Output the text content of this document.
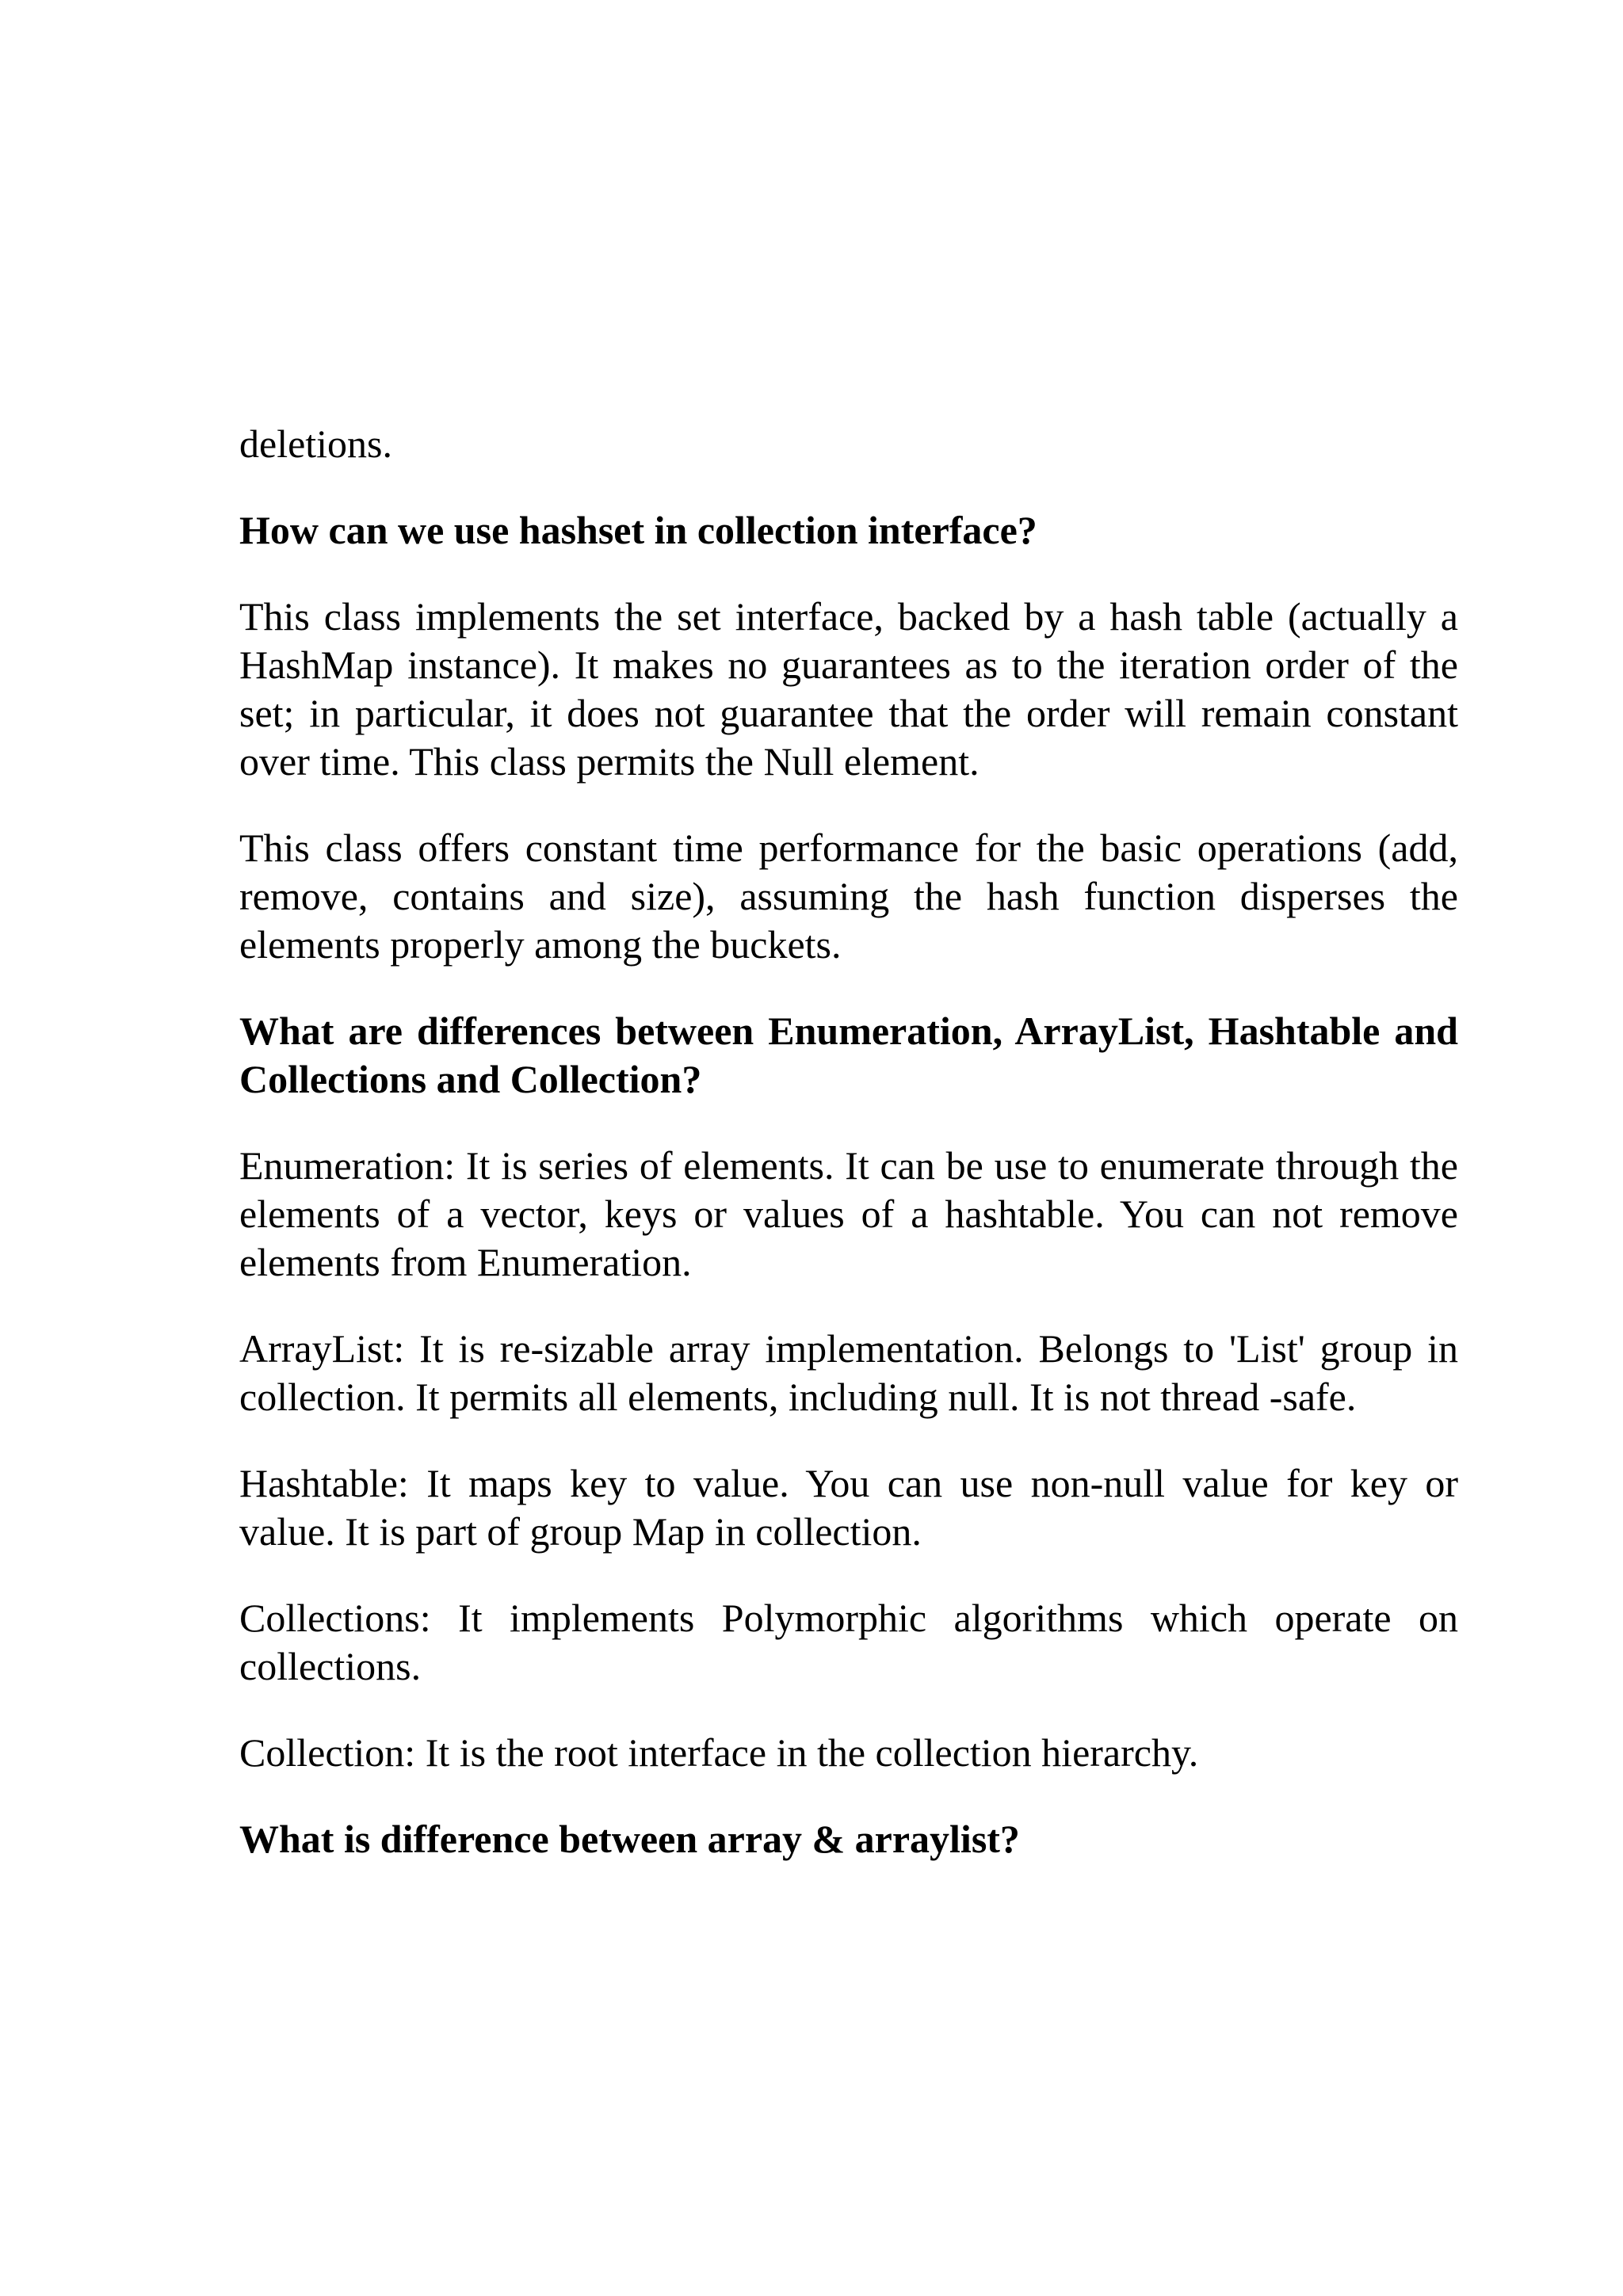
deletions.

How can we use hashset in collection interface?

This class implements the set interface, backed by a hash table (actually a HashMap instance). It makes no guarantees as to the iteration order of the set; in particular, it does not guarantee that the order will remain constant over time. This class permits the Null element.

This class offers constant time performance for the basic operations (add, remove, contains and size), assuming the hash function disperses the elements properly among the buckets.

What are differences between Enumeration, ArrayList, Hashtable and Collections and Collection?

Enumeration: It is series of elements. It can be use to enumerate through the elements of a vector, keys or values of a hashtable. You can not remove elements from Enumeration.

ArrayList: It is re-sizable array implementation. Belongs to 'List' group in collection. It permits all elements, including null. It is not thread -safe.

Hashtable: It maps key to value. You can use non-null value for key or value. It is part of group Map in collection.

Collections: It implements Polymorphic algorithms which operate on collections.

Collection: It is the root interface in the collection hierarchy.

What is difference between array & arraylist?
